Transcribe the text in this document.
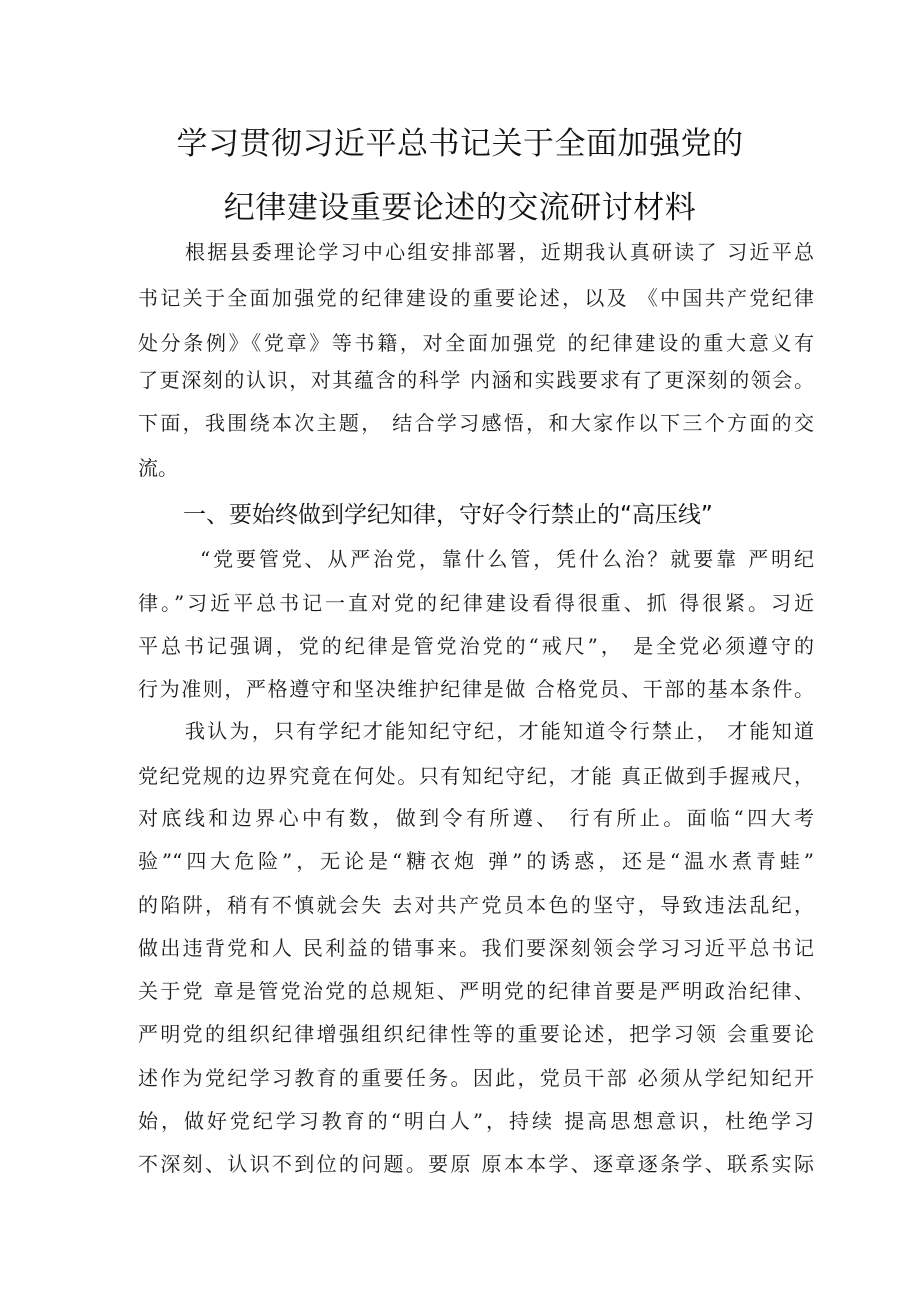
学习贯彻习近平总书记关于全面加强党的
纪律建设重要论述的交流研讨材料

根据县委理论学习中心组安排部署，近期我认真研读了 习近平总

书记关于全面加强党的纪律建设的重要论述，以及 《中国共产党纪律

处分条例》《党章》等书籍，对全面加强党 的纪律建设的重大意义有

了更深刻的认识，对其蕴含的科学 内涵和实践要求有了更深刻的领会。

下面，我围绕本次主题， 结合学习感悟，和大家作以下三个方面的交

流。

一、要始终做到学纪知律，守好令行禁止的“高压线”

“党要管党、从严治党，靠什么管，凭什么治？就要靠 严明纪

律。”习近平总书记一直对党的纪律建设看得很重、抓 得很紧。习近

平总书记强调，党的纪律是管党治党的“戒尺”， 是全党必须遵守的

行为准则，严格遵守和坚决维护纪律是做 合格党员、干部的基本条件。

我认为，只有学纪才能知纪守纪，才能知道令行禁止， 才能知道

党纪党规的边界究竟在何处。只有知纪守纪，才能 真正做到手握戒尺，

对底线和边界心中有数，做到令有所遵、 行有所止。面临“四大考

验”“四大危险”，无论是“糖衣炮 弹”的诱惑，还是“温水煮青蛙”

的陷阱，稍有不慎就会失 去对共产党员本色的坚守，导致违法乱纪，

做出违背党和人 民利益的错事来。我们要深刻领会学习习近平总书记

关于党 章是管党治党的总规矩、严明党的纪律首要是严明政治纪律、

严明党的组织纪律增强组织纪律性等的重要论述，把学习领 会重要论

述作为党纪学习教育的重要任务。因此，党员干部 必须从学纪知纪开

始，做好党纪学习教育的“明白人”，持续 提高思想意识，杜绝学习

不深刻、认识不到位的问题。要原 原本本学、逐章逐条学、联系实际
